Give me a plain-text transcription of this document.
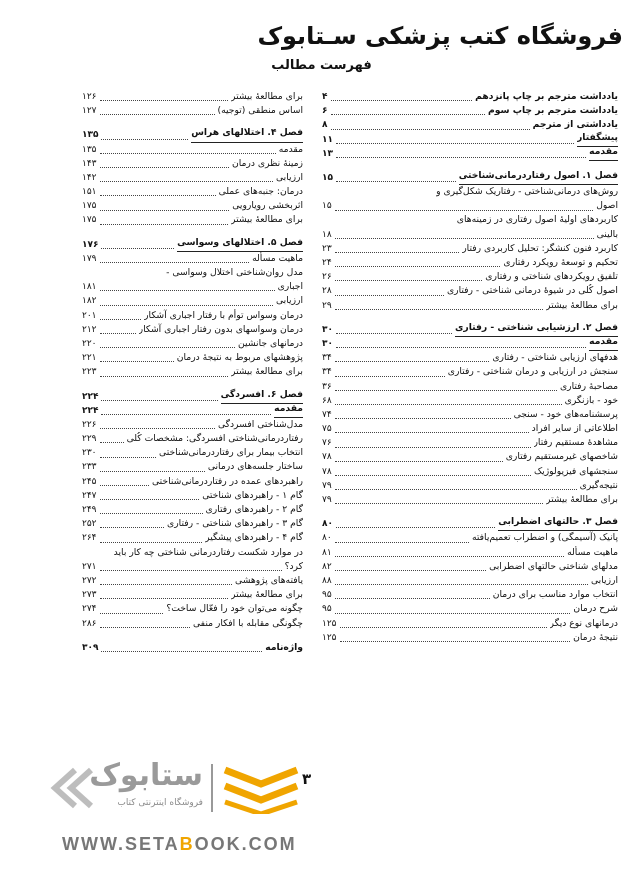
فروشگاه کتب پزشکی سـتابوک
فهرست مطالب
یادداشت مترجم بر چاپ پانزدهم
۴
یادداشت مترجم بر چاپ سوم
۶
یادداشتی از مترجم
۸
پیشگفتار
۱۱
مقدمه
۱۳
فصل ۱. اصول رفتاردرمانی‌شناختی
۱۵
روش‌های درمانی‌شناختی - رفتاریک شکل‌گیری و
اصول
۱۵
کاربردهای اولیهٔ اصول رفتاری در زمینه‌های
بالینی
۱۸
کاربرد فنون کنشگر: تحلیل کاربردی رفتار
۲۳
تحکیم و توسعهٔ رویکرد رفتاری
۲۴
تلفیق رویکردهای شناختی و رفتاری
۲۶
اصول کُلی در شیوهٔ درمانی شناختی - رفتاری
۲۸
برای مطالعهٔ بیشتر
۲۹
فصل ۲. ارزشیابی شناختی - رفتاری
۳۰
مقدمه
۳۰
هدفهای ارزیابی شناختی - رفتاری
۳۴
سنجش در ارزیابی و درمان شناختی - رفتاری
۳۴
مصاحبهٔ رفتاری
۳۶
خود - بازنگری
۶۸
پرسشنامه‌های خود - سنجی
۷۴
اطلاعاتی از سایر افراد
۷۵
مشاهدهٔ مستقیم رفتار
۷۶
شاخصهای غیرمستقیم رفتاری
۷۸
سنجشهای فیزیولوژیک
۷۸
نتیجه‌گیری
۷۹
برای مطالعهٔ بیشتر
۷۹
فصل ۳. حالتهای اضطرابی
۸۰
پانیک (آسیمگی) و اضطراب تعمیم‌یافته
۸۰
ماهیت مسأله
۸۱
مدلهای شناختی حالتهای اضطرابی
۸۲
ارزیابی
۸۸
انتخاب موارد مناسب برای درمان
۹۵
شرح درمان
۹۵
درمانهای نوع دیگر
۱۲۵
نتیجهٔ درمان
۱۲۵
برای مطالعهٔ بیشتر
۱۲۶
اساس منطقی (توجیه)
۱۲۷
فصل ۴. اختلالهای هراس
۱۳۵
مقدمه
۱۳۵
زمینهٔ نظری درمان
۱۴۳
ارزیابی
۱۴۲
درمان: جنبه‌های عملی
۱۵۱
اثربخشی رویارویی
۱۷۵
برای مطالعهٔ بیشتر
۱۷۵
فصل ۵. اختلالهای وسواسی
۱۷۶
ماهیت مسأله
۱۷۹
مدل روان‌شناختی اختلال وسواسی -
اجباری
۱۸۱
ارزیابی
۱۸۲
درمان وسواس توأم با رفتار اجباری آشکار
۲۰۱
درمان وسواسهای بدون رفتار اجباری آشکار
۲۱۲
درمانهای جانشین
۲۲۰
پژوهشهای مربوط به نتیجهٔ درمان
۲۲۱
برای مطالعهٔ بیشتر
۲۲۳
فصل ۶. افسردگی
۲۲۴
مقدمه
۲۲۴
مدل‌شناختی افسردگی
۲۲۶
رفتاردرمانی‌شناختی افسردگی: مشخصات کُلی
۲۲۹
انتخاب بیمار برای رفتاردرمانی‌شناختی
۲۳۰
ساختار جلسه‌های درمانی
۲۳۳
راهبردهای عمده در رفتاردرمانی‌شناختی
۲۴۵
گام ۱ - راهبردهای شناختی
۲۴۷
گام ۲ - راهبردهای رفتاری
۲۴۹
گام ۳ - راهبردهای شناختی - رفتاری
۲۵۲
گام ۴ - راهبردهای پیشگیر
۲۶۴
در موارد شکست رفتاردرمانی شناختی چه کار باید
کرد؟
۲۷۱
یافته‌های پژوهشی
۲۷۲
برای مطالعهٔ بیشتر
۲۷۳
چگونه می‌توان خود را فعّال ساخت؟
۲۷۴
چگونگی مقابله با افکار منفی
۲۸۶
واژه‌نامه
۳۰۹
۳
ستابوک
فروشگاه اینترنتی کتاب
WWW.SETABOOK.COM
